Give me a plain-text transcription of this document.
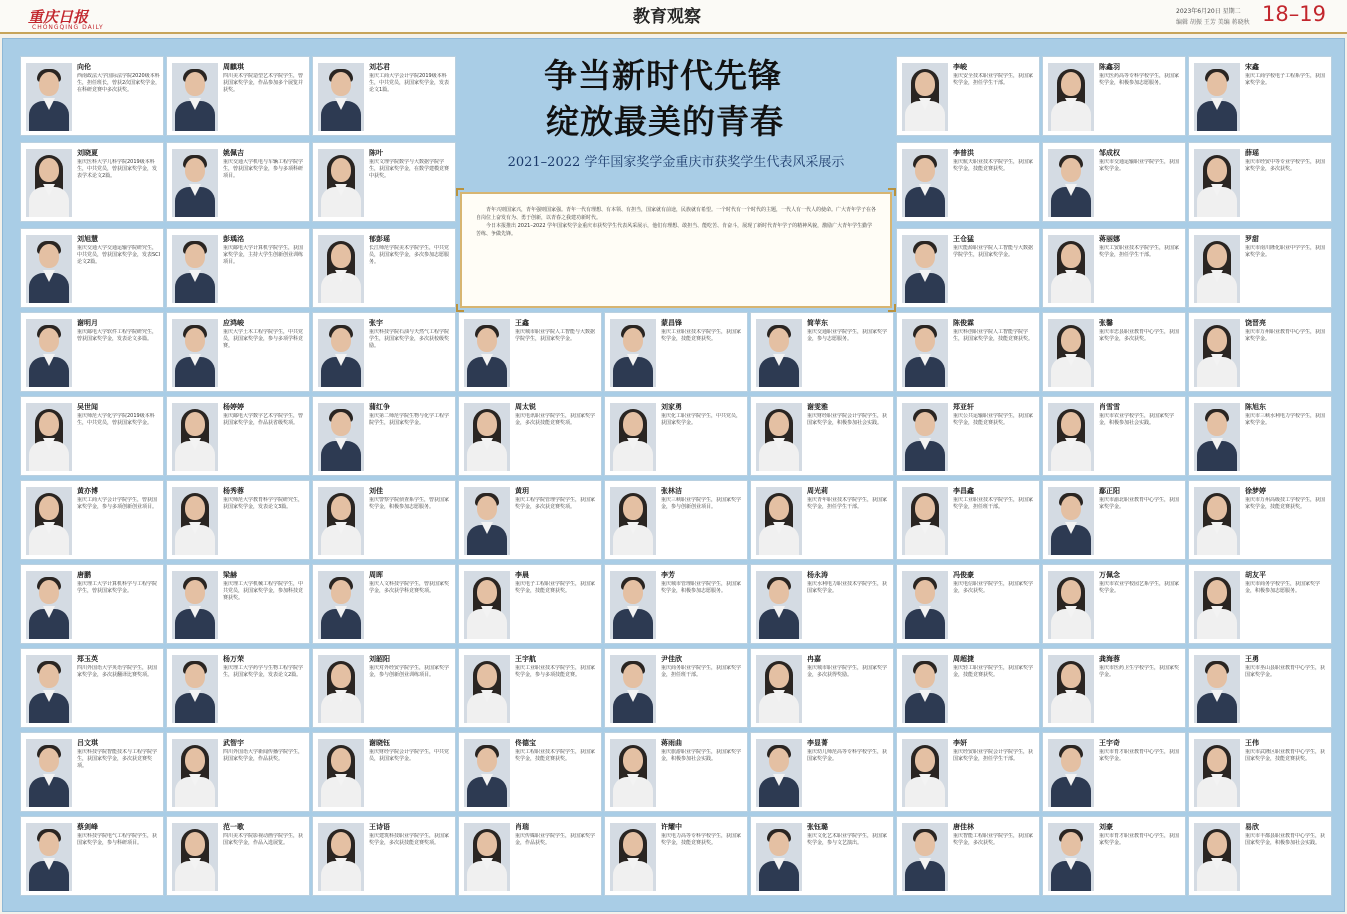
重庆日报
CHONGQING DAILY
教育观察	2023年6月20日 星期二
编辑 胡振 王芳 美编 蒋晓秋 18–19
争当新时代先锋
绽放最美的青春
2021–2022 学年国家奖学金重庆市获奖学生代表风采展示

青年兴则国家兴，青年强则国家强。青年一代有理想、有本领、有担当，国家就有前途，民族就有希望。一个时代有一个时代的主题，一代人有一代人的使命。广大青年学子在各自岗位上奋发有为、勇于创新，以青春之我建功新时代。

今日本报推出 2021–2022 学年国家奖学金重庆市获奖学生代表风采展示，他们有理想、敢担当、能吃苦、肯奋斗，展现了新时代青年学子的精神风貌，激励广大青年学生勤学苦练、争做先锋。

向伦
西南政法大学国际法学院2020级本科生，担任班长，曾获2次国家奖学金，在科研竞赛中多次获奖。
周麒琪
四川美术学院造型艺术学院学生，曾获国家奖学金，作品参加多个展览并获奖。
刘芯君
重庆工商大学会计学院2019级本科生，中共党员，获国家奖学金，发表论文1篇。
刘晓夏
重庆医科大学儿科学院2019级本科生，中共党员，曾获国家奖学金，发表学术论文2篇。
姚佩吉
重庆交通大学机电与车辆工程学院学生，曾获国家奖学金，参与多项科研项目。
陈叶
重庆文理学院数学与大数据学院学生，获国家奖学金，在数学建模竞赛中获奖。
刘旭慧
重庆交通大学交通运输学院研究生，中共党员，曾获国家奖学金，发表SCI论文2篇。
彭瑀洺
重庆邮电大学计算机学院学生，获国家奖学金，主持大学生创新创业训练项目。
郁彭瑶
长江师范学院美术学院学生，中共党员，获国家奖学金，多次参加志愿服务。
谢明月
重庆邮电大学软件工程学院研究生，曾获国家奖学金，发表论文多篇。
应鸿峻
重庆大学土木工程学院学生，中共党员，获国家奖学金，参与多项学科竞赛。
张宇
重庆科技学院石油与天然气工程学院学生，获国家奖学金，多次获校级奖励。
吴世闻
重庆师范大学化学学院2019级本科生，中共党员，曾获国家奖学金。
杨婷婷
重庆邮电大学数字艺术学院学生，曾获国家奖学金，作品获省级奖项。
蒲红争
重庆第二师范学院生物与化学工程学院学生，获国家奖学金。
黄亦博
重庆工商大学会计学院学生，曾获国家奖学金，参与多项创新创业项目。
杨秀蓉
重庆师范大学教育科学学院研究生，获国家奖学金，发表论文3篇。
刘佳
重庆警察学院侦查系学生，曾获国家奖学金，积极参加志愿服务。
唐鹏
重庆理工大学计算机科学与工程学院学生，曾获国家奖学金。
梁赫
重庆理工大学机械工程学院学生，中共党员，获国家奖学金，参加科技竞赛获奖。
周晖
重庆人文科技学院学生，曾获国家奖学金，多次获学科竞赛奖项。
郑玉英
四川外国语大学英语学院学生，获国家奖学金，多次获翻译比赛奖项。
杨万荣
重庆理工大学药学与生物工程学院学生，获国家奖学金，发表论文2篇。
刘韶阳
重庆对外经贸学院学生，获国家奖学金，参与创新创业训练项目。
吕文琪
重庆科技学院智能技术与工程学院学生，获国家奖学金，多次获竞赛奖项。
武智宇
四川外国语大学新闻传播学院学生，获国家奖学金，作品获奖。
谢晓钰
重庆财经学院会计学院学生，中共党员，获国家奖学金。
蔡剑峰
重庆科技学院电气工程学院学生，获国家奖学金，参与科研项目。
范一歌
四川美术学院影视动画学院学生，获国家奖学金，作品入选展览。
王诗语
重庆建筑科技职业学院学生，获国家奖学金，多次获技能竞赛奖项。
王鑫
重庆城市职业学院人工智能与大数据学院学生，获国家奖学金。
蒙昌锋
重庆工业职业技术学院学生，获国家奖学金，技能竞赛获奖。
简苹东
重庆交通职业学院学生，获国家奖学金，参与志愿服务。
周太锐
重庆电讯职业学院学生，获国家奖学金，多次获技能竞赛奖项。
刘家勇
重庆化工职业学院学生，中共党员，获国家奖学金。
谢雯雅
重庆财经职业学院会计学院学生，获国家奖学金，积极参加社会实践。
黄玥
重庆工程学院管理学院学生，获国家奖学金，多次获竞赛奖项。
张林洁
重庆三峡职业学院学生，获国家奖学金，参与创新创业项目。
周光莉
重庆青年职业技术学院学生，获国家奖学金，担任学生干部。
李晨
重庆电子工程职业学院学生，获国家奖学金，技能竞赛获奖。
李芳
重庆城市管理职业学院学生，获国家奖学金，积极参加志愿服务。
杨永涛
重庆水利电力职业技术学院学生，获国家奖学金。
王宇航
重庆工业职业技术学院学生，获国家奖学金，参与多项技能竞赛。
尹佳欣
重庆商务职业学院学生，获国家奖学金，担任班干部。
冉嘉
重庆城市职业学院学生，获国家奖学金，多次获得奖励。
佟德宝
重庆工程职业技术学院学生，获国家奖学金，技能竞赛获奖。
蒋雨曲
重庆旅游职业学院学生，获国家奖学金，积极参加社会实践。
李显菁
重庆幼儿师范高等专科学校学生，获国家奖学金。
肖瑞
重庆传媒职业学院学生，获国家奖学金，作品获奖。
许耀中
重庆电力高等专科学校学生，获国家奖学金，技能竞赛获奖。
张钰璐
重庆文化艺术职业学院学生，获国家奖学金，参与文艺演出。
李峻
重庆安全技术职业学院学生，获国家奖学金，担任学生干部。
陈鑫羽
重庆医药高等专科学校学生，获国家奖学金，积极参加志愿服务。
宋鑫
重庆工商学校电子工程系学生，获国家奖学金。
李普洪
重庆航天职业技术学院学生，获国家奖学金，技能竞赛获奖。
邹成权
重庆市交通运输职业学院学生，获国家奖学金。
薛瑶
重庆市经贸中等专业学校学生，获国家奖学金，多次获奖。
王仓猛
重庆能源职业学院人工智能与大数据学院学生，获国家奖学金。
蒋丽娜
重庆工贸职业技术学院学生，获国家奖学金，担任学生干部。
罗甜
重庆市南川隆化职业中学学生，获国家奖学金。
陈俊霖
重庆科创职业学院人工智能学院学生，获国家奖学金，技能竞赛获奖。
张馨
重庆市忠县职业教育中心学生，获国家奖学金，多次获奖。
饶晋亮
重庆市万州职业教育中心学生，获国家奖学金。
郑亚轩
重庆公共运输职业学院学生，获国家奖学金，技能竞赛获奖。
肖雪雪
重庆市农业学校学生，获国家奖学金，积极参加社会实践。
陈旭东
重庆市三峡水利电力学校学生，获国家奖学金。
李昌鑫
重庆工业职业技术学院学生，获国家奖学金，担任班干部。
鄢正阳
重庆市渝北职业教育中心学生，获国家奖学金。
徐梦婷
重庆市万州高级技工学校学生，获国家奖学金，技能竞赛获奖。
冯俊豪
重庆电信职业学院学生，获国家奖学金，多次获奖。
万佩念
重庆市农业学校园艺系学生，获国家奖学金。
胡友平
重庆市商务学校学生，获国家奖学金，积极参加志愿服务。
周超捷
重庆轻工职业学院学生，获国家奖学金，技能竞赛获奖。
龚海蓉
重庆市医药卫生学校学生，获国家奖学金。
王勇
重庆市巫山县职业教育中心学生，获国家奖学金。
李妍
重庆经贸职业学院会计学院学生，获国家奖学金，担任学生干部。
王宇奇
重庆市育才职业教育中心学生，获国家奖学金。
王伟
重庆市武隆区职业教育中心学生，获国家奖学金，技能竞赛获奖。
唐佳林
重庆智能工程职业学院学生，获国家奖学金，多次获奖。
刘豪
重庆市育才职业教育中心学生，获国家奖学金。
易欣
重庆市丰都县职业教育中心学生，获国家奖学金，积极参加社会实践。
